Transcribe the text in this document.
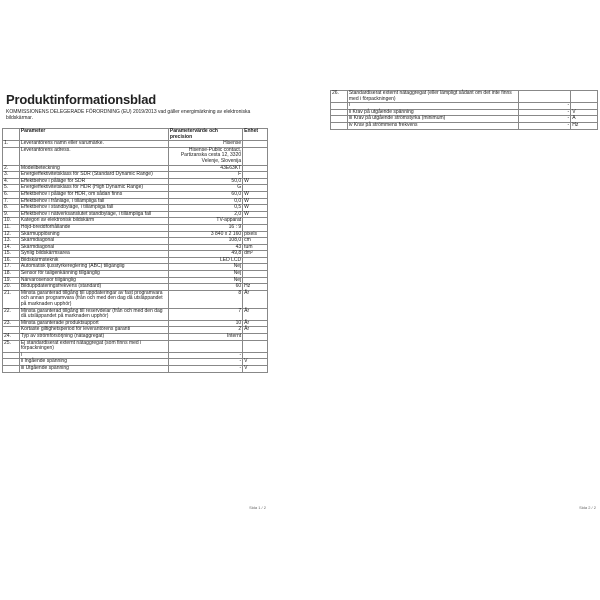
Produktinformationsblad
KOMMISSIONENS DELEGERADE FÖRORDNING (EU) 2019/2013 vad gäller energimärkning av elektroniska bildskärmar.
	Parameter	Parametervärde och precision	Enhet
1.	Leverantörens namn eller varumärke.	Hisense	
	Leverantörens adress.	Hisense-Public contact, Partizanska cesta 12, 3320 Velenje, Slovenija	
2.	Modellbeteckning	43E63KT	
3.	Energieffektivitetsklass för SDR (Standard Dynamic Range)	F	
4.	Effektbehov i påläge för SDR	50,0	W
5.	Energieffektivitetsklass för HDR (High Dynamic Range)	G	
6.	Effektbehov i påläge för HDR, om sådan finns	60,0	W
7.	Effektbehov i frånläge, i tillämpliga fall	0,0	W
8.	Effektbehov i standbyläge, i tillämpliga fall	0,5	W
9.	Effektbehov i nätverksanslutet standbyläge, i tillämpliga fall	2,0	W
10.	Kategori av elektronisk bildskärm	TV-apparat	
11.	Höjd-breddförhållande	16 : 9	
12.	Skärmupplösning	3 840 x 2 160	pixels
13.	Skärmdiagonal	108,0	cm
14.	Skärmdiagonal	43	tum
15.	Synlig bildskärmsarea	49,8	dm²
16.	Bildskärmsteknik	LED LCD	
17.	Automatisk ljusstyrkereglering (ABC) tillgänglig	Nej	
18.	Sensor för taligenkänning tillgänglig	Nej	
19.	Närvarosensor tillgänglig	Nej	
20.	Bilduppdateringsfrekvens (standard)	60	Hz
21.	Minsta garanterad tillgång till uppdateringar av fast programvara och annan programvara (från och med den dag då utsläppandet på marknaden upphör)	8	År
22.	Minsta garanterad tillgång till reservdelar (från och med den dag då utsläppandet på marknaden upphör)	7	År
23.	Minsta garanterade produktsupport	10	År
	Kortaste giltighetsperiod för leverantörens garanti	2	År
24.	Typ av strömförsörjning (nätaggregat)	Internt	
25.	Ej standardiserat externt nätaggregat (som finns med i förpackningen)		
	i	-	
	ii Ingående spänning	-	V
	iii Utgående spänning	-	V
Sida 1 / 2
26.	Standardiserat externt nätaggregat (eller lämpligt sådant om det inte finns med i förpackningen)		
	i	-	
	ii Krav på utgående spänning	-	V
	iii Krav på utgående strömstyrka (minimum)	-	A
	iv Krav på strömmens frekvens	-	Hz
Sida 2 / 2
